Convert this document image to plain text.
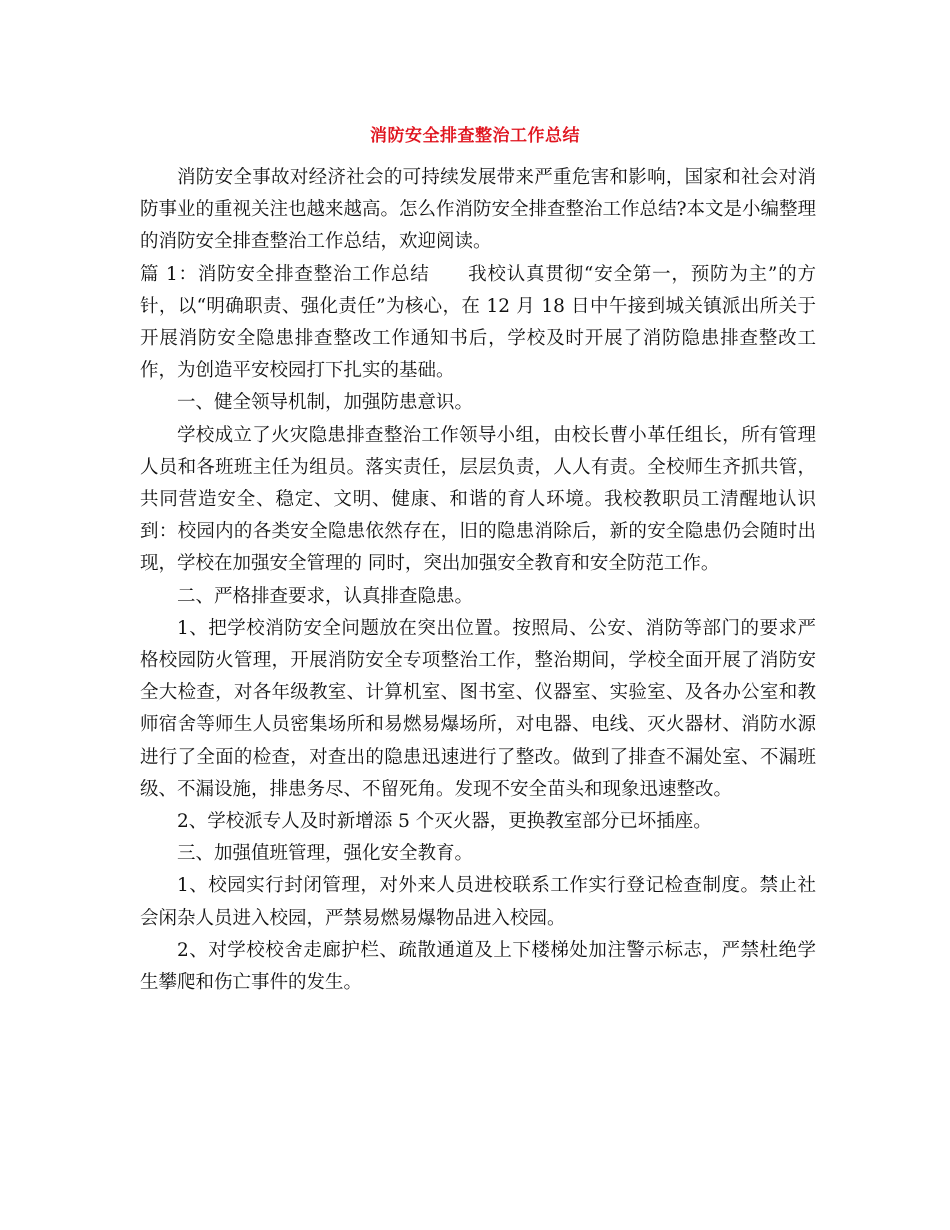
消防安全排查整治工作总结

消防安全事故对经济社会的可持续发展带来严重危害和影响，国家和社会对消防事业的重视关注也越来越高。怎么作消防安全排查整治工作总结?本文是小编整理的消防安全排查整治工作总结，欢迎阅读。

篇 1：消防安全排查整治工作总结　　我校认真贯彻“安全第一，预防为主”的方针，以“明确职责、强化责任”为核心，在 12 月 18 日中午接到城关镇派出所关于开展消防安全隐患排查整改工作通知书后，学校及时开展了消防隐患排查整改工作，为创造平安校园打下扎实的基础。

一、健全领导机制，加强防患意识。

学校成立了火灾隐患排查整治工作领导小组，由校长曹小革任组长，所有管理人员和各班班主任为组员。落实责任，层层负责，人人有责。全校师生齐抓共管，共同营造安全、稳定、文明、健康、和谐的育人环境。我校教职员工清醒地认识到：校园内的各类安全隐患依然存在，旧的隐患消除后，新的安全隐患仍会随时出现，学校在加强安全管理的 同时，突出加强安全教育和安全防范工作。

二、严格排查要求，认真排查隐患。

1、把学校消防安全问题放在突出位置。按照局、公安、消防等部门的要求严格校园防火管理，开展消防安全专项整治工作，整治期间，学校全面开展了消防安全大检查，对各年级教室、计算机室、图书室、仪器室、实验室、及各办公室和教师宿舍等师生人员密集场所和易燃易爆场所，对电器、电线、灭火器材、消防水源进行了全面的检查，对查出的隐患迅速进行了整改。做到了排查不漏处室、不漏班级、不漏设施，排患务尽、不留死角。发现不安全苗头和现象迅速整改。

2、学校派专人及时新增添 5 个灭火器，更换教室部分已坏插座。

三、加强值班管理，强化安全教育。

1、校园实行封闭管理，对外来人员进校联系工作实行登记检查制度。禁止社会闲杂人员进入校园，严禁易燃易爆物品进入校园。

2、对学校校舍走廊护栏、疏散通道及上下楼梯处加注警示标志，严禁杜绝学生攀爬和伤亡事件的发生。
